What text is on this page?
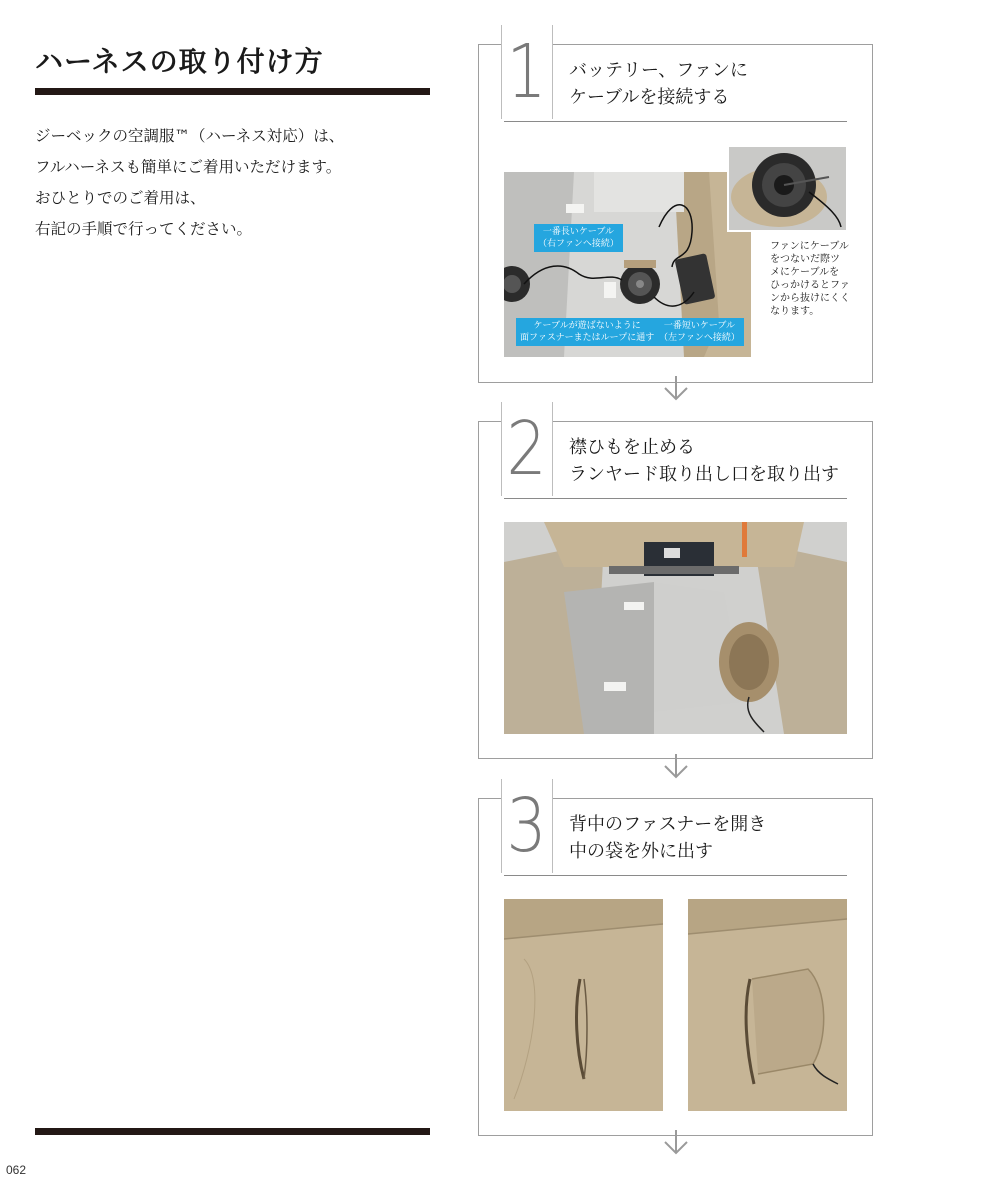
ハーネスの取り付け方
ジーベックの空調服™（ハーネス対応）は、
フルハーネスも簡単にご着用いただけます。
おひとりでのご着用は、
右記の手順で行ってください。
062
1 バッテリー、ファンに
ケーブルを接続する
一番長いケーブル
（右ファンへ接続）
ケーブルが遊ばないように
面ファスナーまたはループに通す
一番短いケーブル
（左ファンへ接続）
ファンにケーブル
をつないだ際ツ
メにケーブルを
ひっかけるとファ
ンから抜けにくく
なります。
2 襟ひもを止める
ランヤード取り出し口を取り出す
3 背中のファスナーを開き
中の袋を外に出す
